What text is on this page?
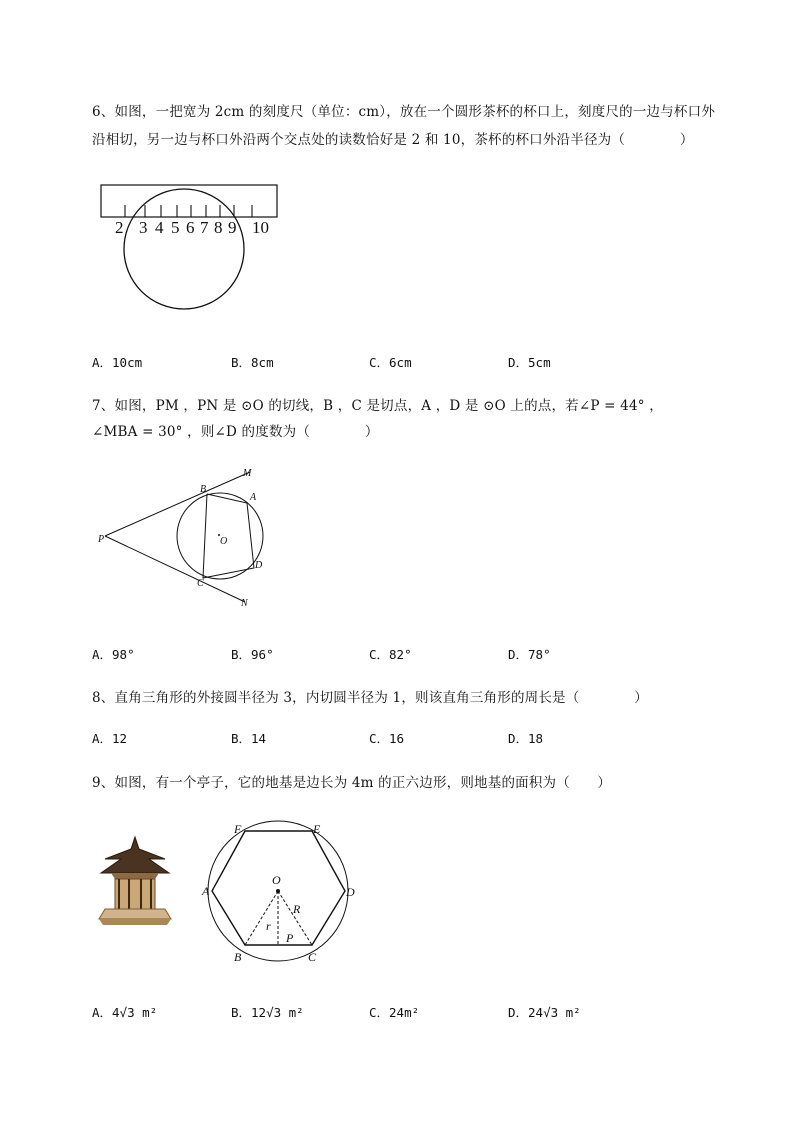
6、如图，一把宽为 2cm 的刻度尺（单位：cm），放在一个圆形茶杯的杯口上，刻度尺的一边与杯口外
沿相切，另一边与杯口外沿两个交点处的读数恰好是 2 和 10，茶杯的杯口外沿半径为（　　　　）
2 3 4 5 6 7 8 9 10
A．10cm	B．8cm	C．6cm	D．5cm
7、如图，PM ，PN 是 ⊙O 的切线，B ，C 是切点，A ，D 是 ⊙O 上的点，若∠P = 44° ，
∠MBA = 30° ，则∠D 的度数为（　　　　）
M
B
A
P	O
D
C
N
A．98°	B．96°	C．82°	D．78°
8、直角三角形的外接圆半径为 3，内切圆半径为 1，则该直角三角形的周长是（　　　　）
A．12	B．14	C．16	D．18
9、如图，有一个亭子，它的地基是边长为 4m 的正六边形，则地基的面积为（　　）
F	E
A	D
O
R
r
P
B	C
A．4√3 m²	B．12√3 m²	C．24m²	D．24√3 m²
